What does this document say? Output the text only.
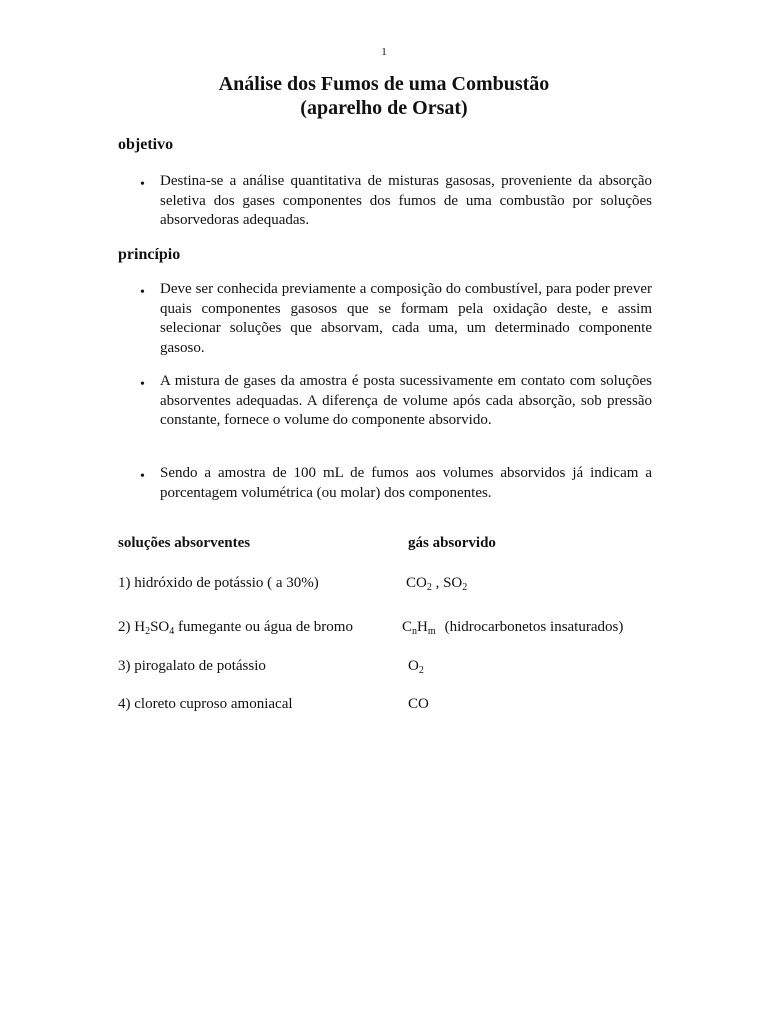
1
Análise dos Fumos de uma Combustão
(aparelho de Orsat)
objetivo
• Destina-se a análise quantitativa de misturas gasosas, proveniente da absorção seletiva dos gases componentes dos fumos de uma combustão por soluções absorvedoras adequadas.
princípio
• Deve ser conhecida previamente a composição do combustível, para poder prever quais componentes gasosos que se formam pela oxidação deste, e assim selecionar soluções que absorvam, cada uma, um determinado componente gasoso.
• A mistura de gases da amostra é posta sucessivamente em contato com soluções absorventes adequadas. A diferença de volume após cada absorção, sob pressão constante, fornece o volume do componente absorvido.
• Sendo a amostra de 100 mL de fumos aos volumes absorvidos já indicam a porcentagem volumétrica (ou molar) dos componentes.
soluções absorventes	gás absorvido
1) hidróxido de potássio ( a 30%)	$CO_2$ , $SO_2$
2) $H_2SO_4$ fumegante ou água de bromo	$C_nH_m$ (hidrocarbonetos insaturados)
3) pirogalato de potássio	$O_2$
4) cloreto cuproso amoniacal	CO
